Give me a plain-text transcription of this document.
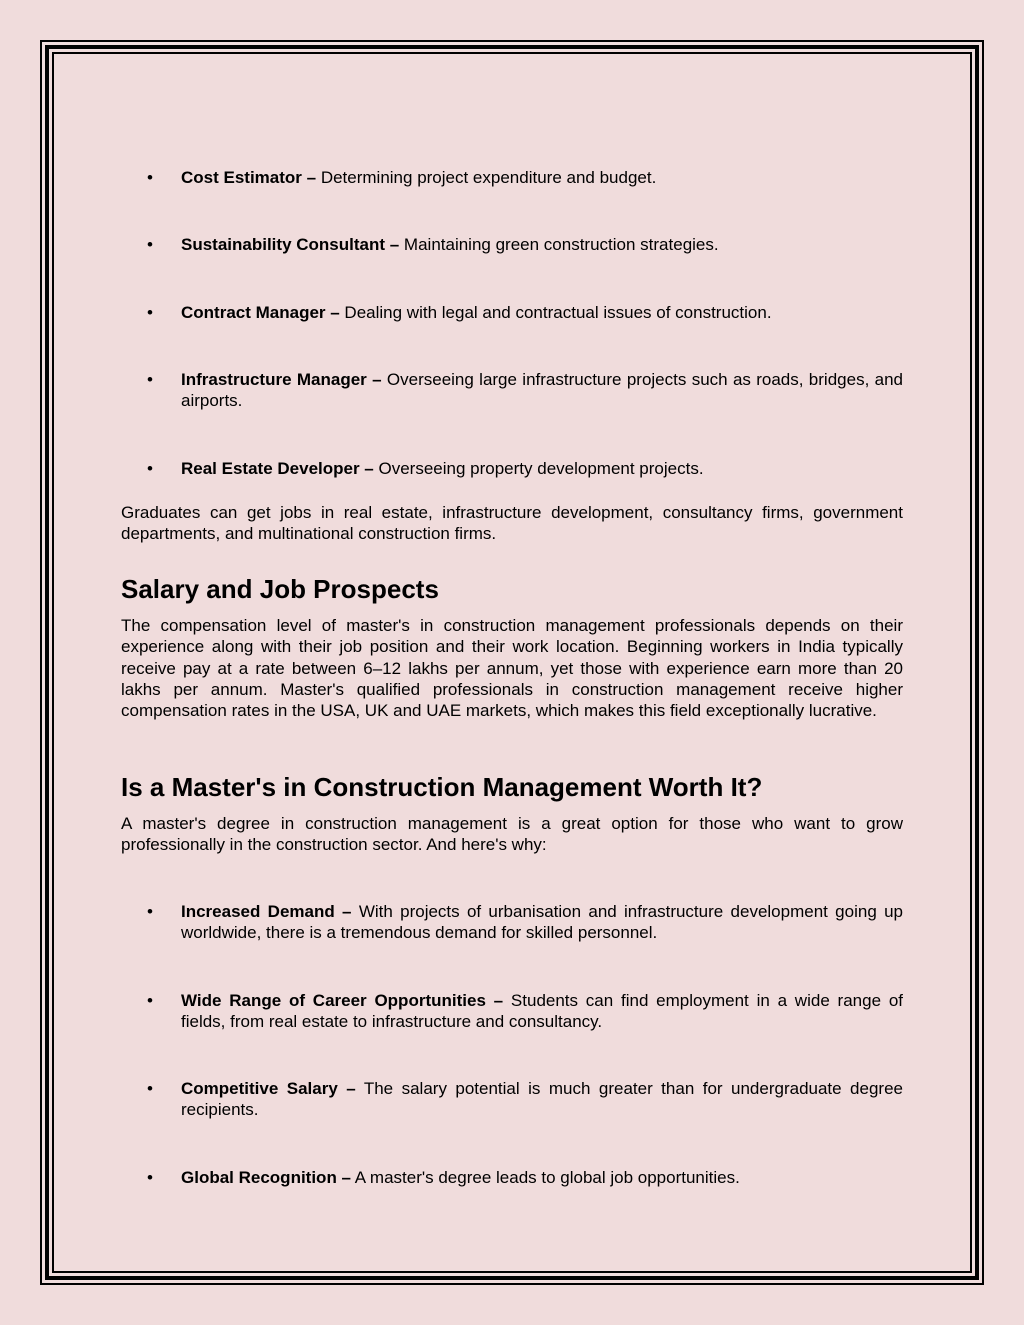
• Cost Estimator – Determining project expenditure and budget.
• Sustainability Consultant – Maintaining green construction strategies.
• Contract Manager – Dealing with legal and contractual issues of construction.
• Infrastructure Manager – Overseeing large infrastructure projects such as roads, bridges, and airports.
• Real Estate Developer – Overseeing property development projects.
Graduates can get jobs in real estate, infrastructure development, consultancy firms, government departments, and multinational construction firms.
Salary and Job Prospects
The compensation level of master's in construction management professionals depends on their experience along with their job position and their work location. Beginning workers in India typically receive pay at a rate between 6–12 lakhs per annum, yet those with experience earn more than 20 lakhs per annum. Master's qualified professionals in construction management receive higher compensation rates in the USA, UK and UAE markets, which makes this field exceptionally lucrative.
Is a Master's in Construction Management Worth It?
A master's degree in construction management is a great option for those who want to grow professionally in the construction sector. And here's why:
• Increased Demand – With projects of urbanisation and infrastructure development going up worldwide, there is a tremendous demand for skilled personnel.
• Wide Range of Career Opportunities – Students can find employment in a wide range of fields, from real estate to infrastructure and consultancy.
• Competitive Salary – The salary potential is much greater than for undergraduate degree recipients.
• Global Recognition – A master's degree leads to global job opportunities.
